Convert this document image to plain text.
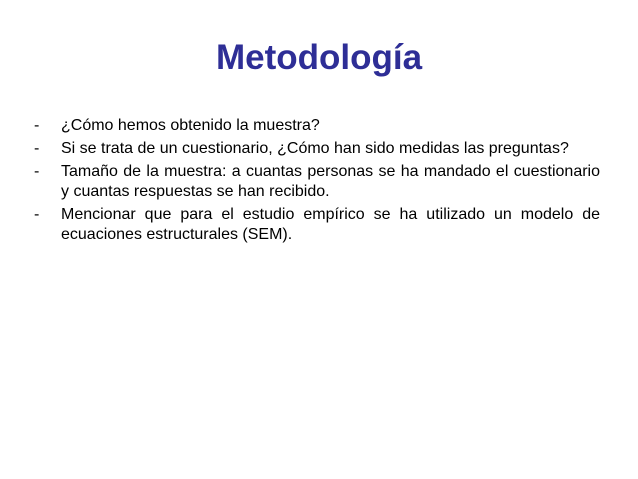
Metodología
-	¿Cómo hemos obtenido la muestra?
-	Si se trata de un cuestionario, ¿Cómo han sido medidas las preguntas?
-	Tamaño de la muestra: a cuantas personas se ha mandado el cuestionario y cuantas respuestas se han recibido.
-	Mencionar que para el estudio empírico se ha utilizado un modelo de ecuaciones estructurales (SEM).
